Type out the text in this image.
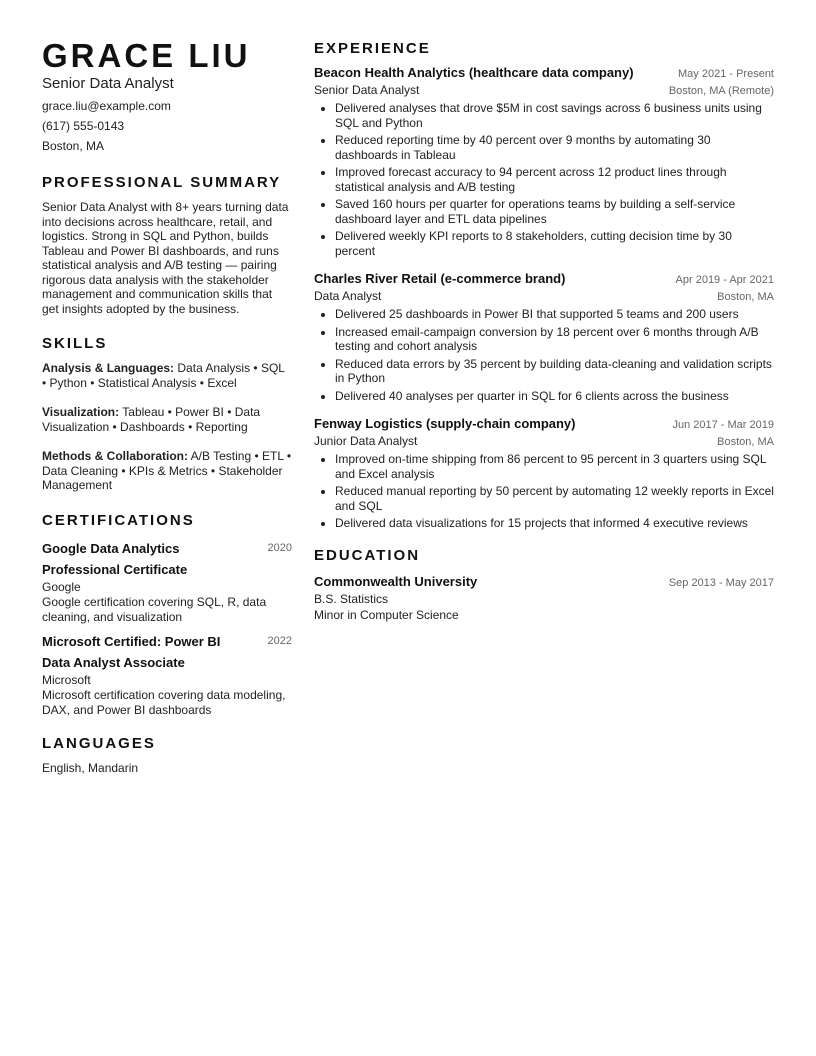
GRACE LIU
Senior Data Analyst
grace.liu@example.com
(617) 555-0143
Boston, MA
PROFESSIONAL SUMMARY
Senior Data Analyst with 8+ years turning data into decisions across healthcare, retail, and logistics. Strong in SQL and Python, builds Tableau and Power BI dashboards, and runs statistical analysis and A/B testing — pairing rigorous data analysis with the stakeholder management and communication skills that get insights adopted by the business.
SKILLS
Analysis & Languages: Data Analysis • SQL • Python • Statistical Analysis • Excel
Visualization: Tableau • Power BI • Data Visualization • Dashboards • Reporting
Methods & Collaboration: A/B Testing • ETL • Data Cleaning • KPIs & Metrics • Stakeholder Management
CERTIFICATIONS
Google Data Analytics Professional Certificate
2020
Google
Google certification covering SQL, R, data cleaning, and visualization
Microsoft Certified: Power BI Data Analyst Associate
2022
Microsoft
Microsoft certification covering data modeling, DAX, and Power BI dashboards
LANGUAGES
English, Mandarin
EXPERIENCE
Beacon Health Analytics (healthcare data company)	May 2021 - Present
Senior Data Analyst	Boston, MA (Remote)
• Delivered analyses that drove $5M in cost savings across 6 business units using SQL and Python
• Reduced reporting time by 40 percent over 9 months by automating 30 dashboards in Tableau
• Improved forecast accuracy to 94 percent across 12 product lines through statistical analysis and A/B testing
• Saved 160 hours per quarter for operations teams by building a self-service dashboard layer and ETL data pipelines
• Delivered weekly KPI reports to 8 stakeholders, cutting decision time by 30 percent
Charles River Retail (e-commerce brand)	Apr 2019 - Apr 2021
Data Analyst	Boston, MA
• Delivered 25 dashboards in Power BI that supported 5 teams and 200 users
• Increased email-campaign conversion by 18 percent over 6 months through A/B testing and cohort analysis
• Reduced data errors by 35 percent by building data-cleaning and validation scripts in Python
• Delivered 40 analyses per quarter in SQL for 6 clients across the business
Fenway Logistics (supply-chain company)	Jun 2017 - Mar 2019
Junior Data Analyst	Boston, MA
• Improved on-time shipping from 86 percent to 95 percent in 3 quarters using SQL and Excel analysis
• Reduced manual reporting by 50 percent by automating 12 weekly reports in Excel and SQL
• Delivered data visualizations for 15 projects that informed 4 executive reviews
EDUCATION
Commonwealth University	Sep 2013 - May 2017
B.S. Statistics
Minor in Computer Science
